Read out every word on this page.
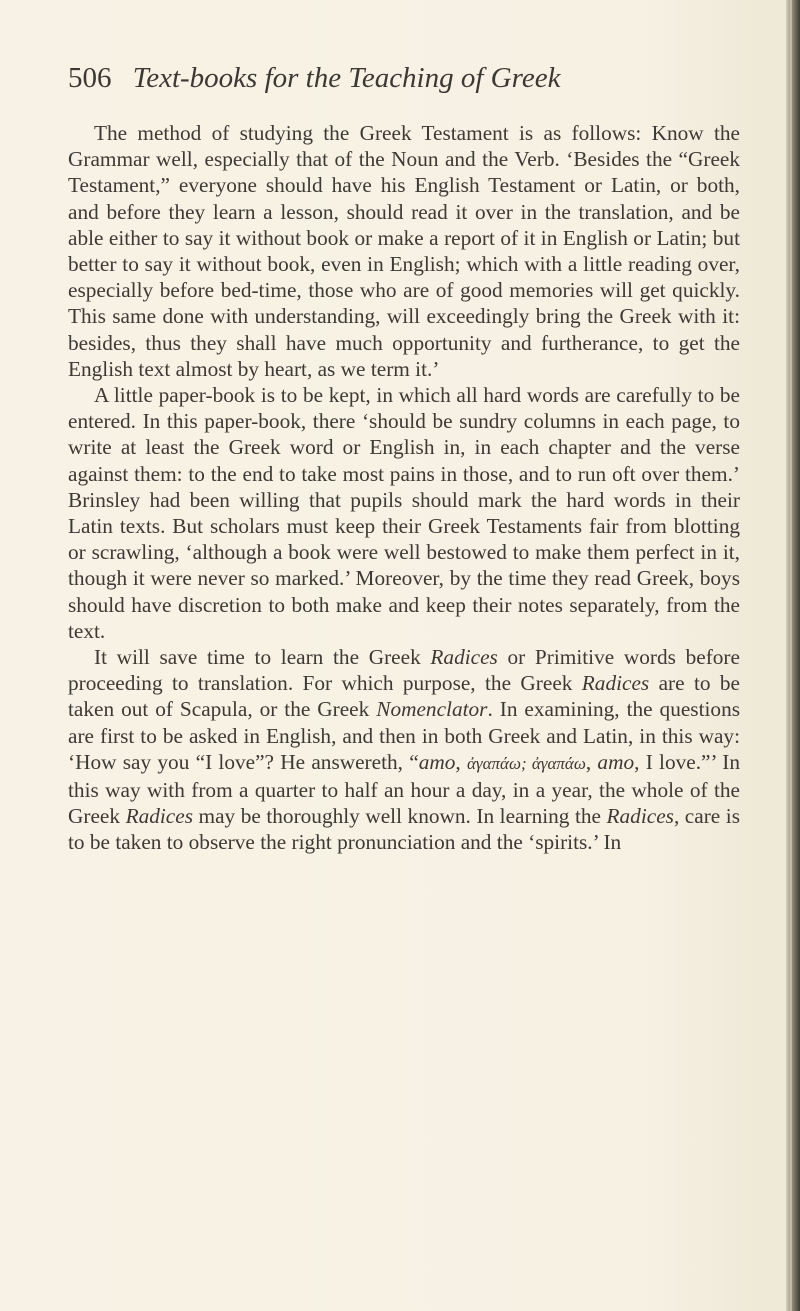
506 Text-books for the Teaching of Greek

The method of studying the Greek Testament is as follows: Know the Grammar well, especially that of the Noun and the Verb. ‘Besides the “Greek Testament,” everyone should have his English Testament or Latin, or both, and before they learn a lesson, should read it over in the translation, and be able either to say it without book or make a report of it in English or Latin; but better to say it without book, even in English; which with a little reading over, especially before bed-time, those who are of good memories will get quickly. This same done with understanding, will exceedingly bring the Greek with it: besides, thus they shall have much opportunity and furtherance, to get the English text almost by heart, as we term it.’

A little paper-book is to be kept, in which all hard words are carefully to be entered. In this paper-book, there ‘should be sundry columns in each page, to write at least the Greek word or English in, in each chapter and the verse against them: to the end to take most pains in those, and to run oft over them.’ Brinsley had been willing that pupils should mark the hard words in their Latin texts. But scholars must keep their Greek Testaments fair from blotting or scrawling, ‘although a book were well bestowed to make them perfect in it, though it were never so marked.’ Moreover, by the time they read Greek, boys should have discretion to both make and keep their notes separately, from the text.

It will save time to learn the Greek Radices or Primitive words before proceeding to translation. For which purpose, the Greek Radices are to be taken out of Scapula, or the Greek Nomenclator. In examining, the questions are first to be asked in English, and then in both Greek and Latin, in this way: ‘How say you “I love”? He answereth, “amo, ἀγαπάω; ἀγαπάω, amo, I love.”’ In this way with from a quarter to half an hour a day, in a year, the whole of the Greek Radices may be thoroughly well known. In learning the Radices, care is to be taken to observe the right pronunciation and the ‘spirits.’ In
